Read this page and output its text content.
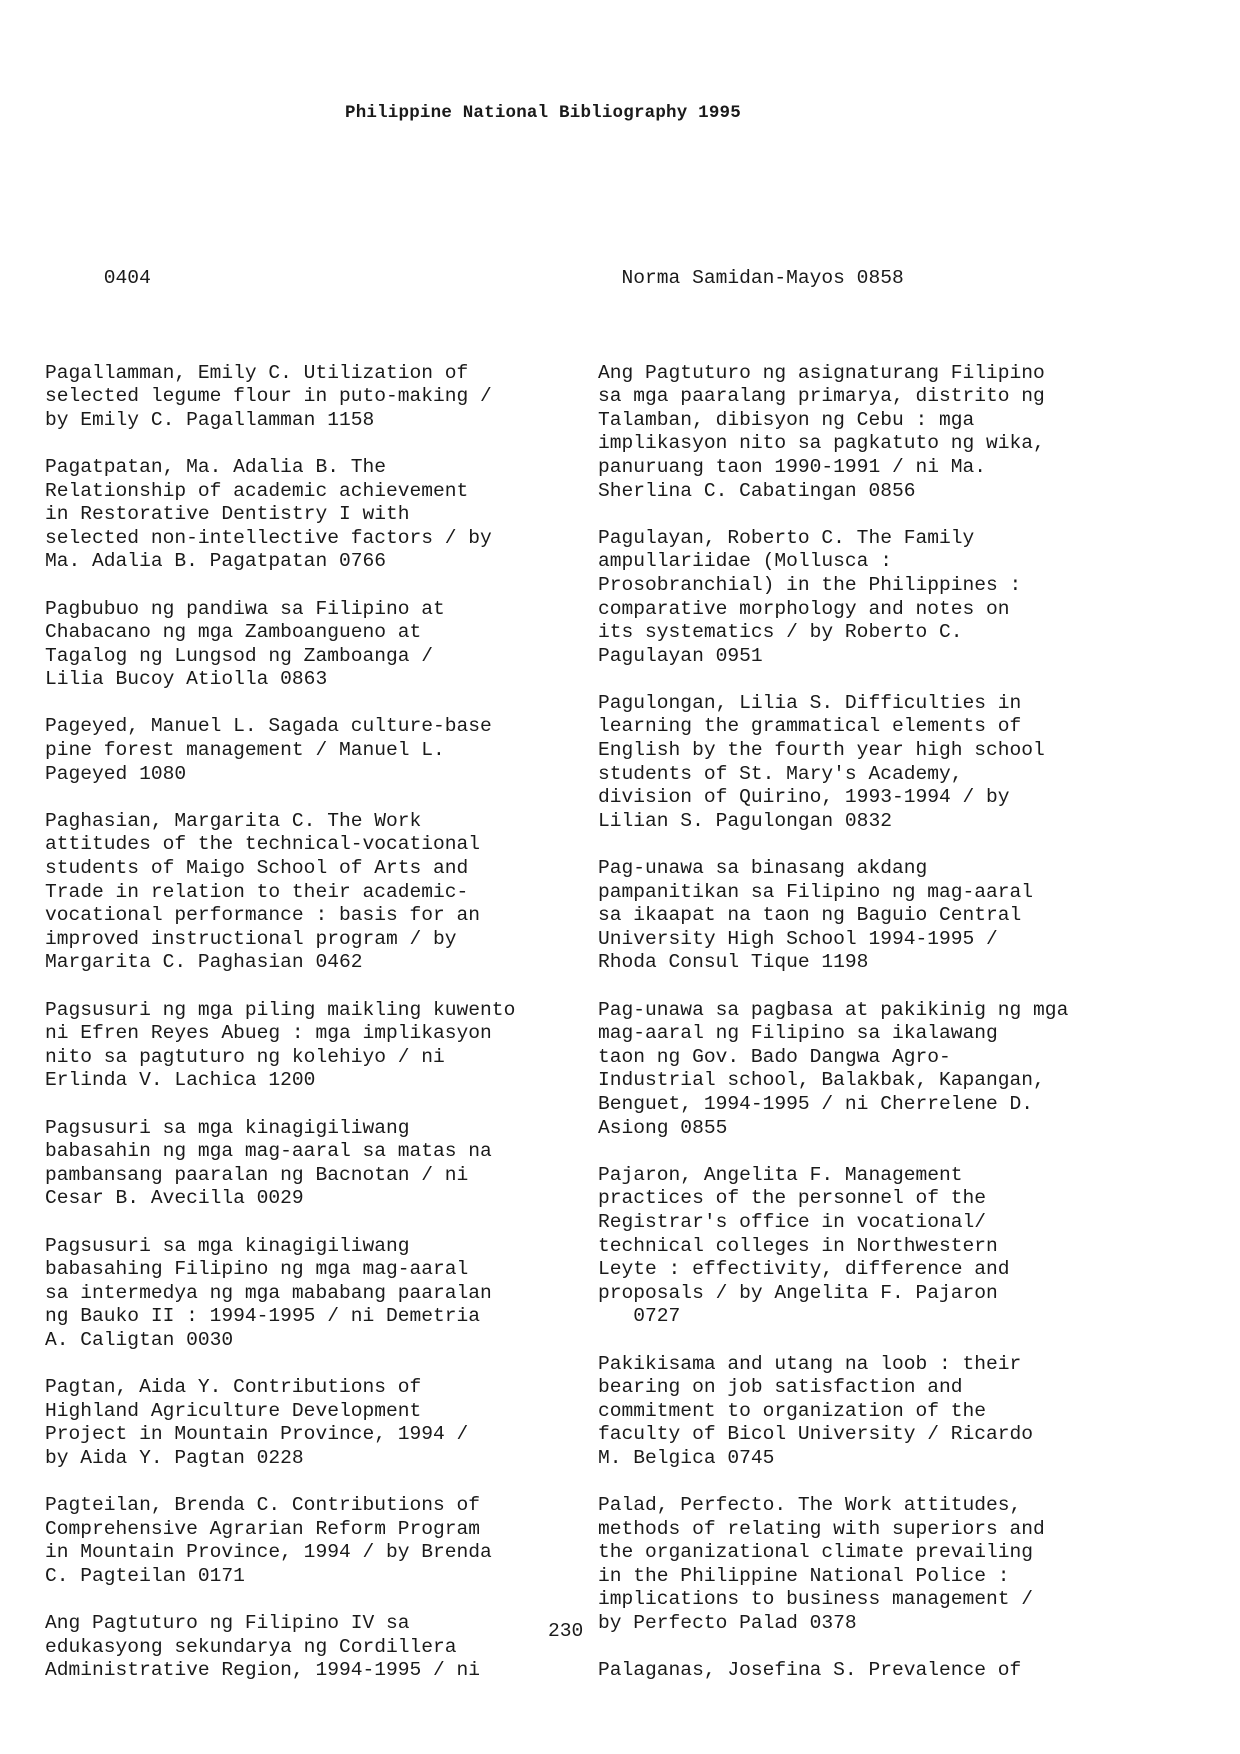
Philippine National Bibliography 1995

0404

Pagallamman, Emily C. Utilization of
selected legume flour in puto-making /
by Emily C. Pagallamman 1158
Pagatpatan, Ma. Adalia B. The
Relationship of academic achievement
in Restorative Dentistry I with
selected non-intellective factors / by
Ma. Adalia B. Pagatpatan 0766
Pagbubuo ng pandiwa sa Filipino at
Chabacano ng mga Zamboangueno at
Tagalog ng Lungsod ng Zamboanga /
Lilia Bucoy Atiolla 0863
Pageyed, Manuel L. Sagada culture-base
pine forest management / Manuel L.
Pageyed 1080
Paghasian, Margarita C. The Work
attitudes of the technical-vocational
students of Maigo School of Arts and
Trade in relation to their academic-
vocational performance : basis for an
improved instructional program / by
Margarita C. Paghasian 0462
Pagsusuri ng mga piling maikling kuwento
ni Efren Reyes Abueg : mga implikasyon
nito sa pagtuturo ng kolehiyo / ni
Erlinda V. Lachica 1200
Pagsusuri sa mga kinagigiliwang
babasahin ng mga mag-aaral sa matas na
pambansang paaralan ng Bacnotan / ni
Cesar B. Avecilla 0029
Pagsusuri sa mga kinagigiliwang
babasahing Filipino ng mga mag-aaral
sa intermedya ng mga mababang paaralan
ng Bauko II : 1994-1995 / ni Demetria
A. Caligtan 0030
Pagtan, Aida Y. Contributions of
Highland Agriculture Development
Project in Mountain Province, 1994 /
by Aida Y. Pagtan 0228
Pagteilan, Brenda C. Contributions of
Comprehensive Agrarian Reform Program
in Mountain Province, 1994 / by Brenda
C. Pagteilan 0171
Ang Pagtuturo ng Filipino IV sa
edukasyong sekundarya ng Cordillera
Administrative Region, 1994-1995 / ni

Norma Samidan-Mayos 0858

Ang Pagtuturo ng asignaturang Filipino
sa mga paaralang primarya, distrito ng
Talamban, dibisyon ng Cebu : mga
implikasyon nito sa pagkatuto ng wika,
panuruang taon 1990-1991 / ni Ma.
Sherlina C. Cabatingan 0856
Pagulayan, Roberto C. The Family
ampullariidae (Mollusca :
Prosobranchial) in the Philippines :
comparative morphology and notes on
its systematics / by Roberto C.
Pagulayan 0951
Pagulongan, Lilia S. Difficulties in
learning the grammatical elements of
English by the fourth year high school
students of St. Mary's Academy,
division of Quirino, 1993-1994 / by
Lilian S. Pagulongan 0832
Pag-unawa sa binasang akdang
pampanitikan sa Filipino ng mag-aaral
sa ikaapat na taon ng Baguio Central
University High School 1994-1995 /
Rhoda Consul Tique 1198
Pag-unawa sa pagbasa at pakikinig ng mga
mag-aaral ng Filipino sa ikalawang
taon ng Gov. Bado Dangwa Agro-
Industrial school, Balakbak, Kapangan,
Benguet, 1994-1995 / ni Cherrelene D.
Asiong 0855
Pajaron, Angelita F. Management
practices of the personnel of the
Registrar's office in vocational/
technical colleges in Northwestern
Leyte : effectivity, difference and
proposals / by Angelita F. Pajaron
0727
Pakikisama and utang na loob : their
bearing on job satisfaction and
commitment to organization of the
faculty of Bicol University / Ricardo
M. Belgica 0745
Palad, Perfecto. The Work attitudes,
methods of relating with superiors and
the organizational climate prevailing
in the Philippine National Police :
implications to business management /
by Perfecto Palad 0378
Palaganas, Josefina S. Prevalence of

230
